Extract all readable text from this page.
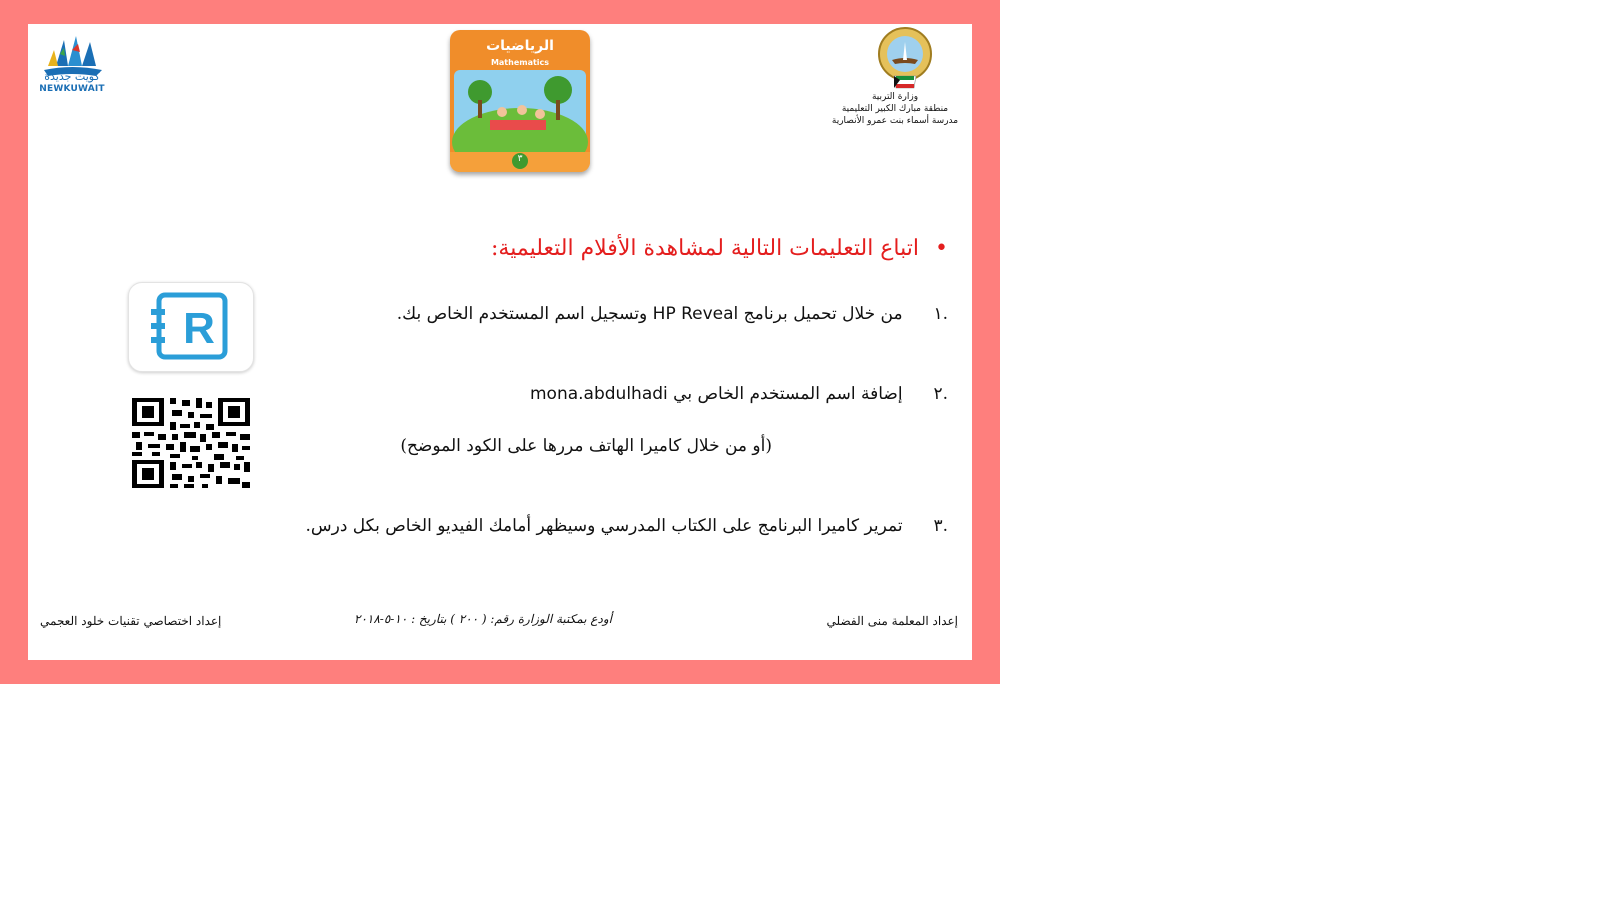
كويت جديدة
NEWKUWAIT
الرياضيات
Mathematics
٣
وزارة التربية
منطقة مبارك الكبير التعليمية
مدرسة أسماء بنت عمرو الأنصارية
•اتباع التعليمات التالية لمشاهدة الأفلام التعليمية:
.١ من خلال تحميل برنامج HP Reveal وتسجيل اسم المستخدم الخاص بك.
.٢ إضافة اسم المستخدم الخاص بي mona.abdulhadi
(أو من خلال كاميرا الهاتف مررها على الكود الموضح)
.٣ تمرير كاميرا البرنامج على الكتاب المدرسي وسيظهر أمامك الفيديو الخاص بكل درس.
R
إعداد المعلمة منى الفضلي
أودع بمكتبة الوزارة رقم: ( ٢٠٠ ) بتاريخ : ١٠-٥-٢٠١٨
إعداد اختصاصي تقنيات خلود العجمي
